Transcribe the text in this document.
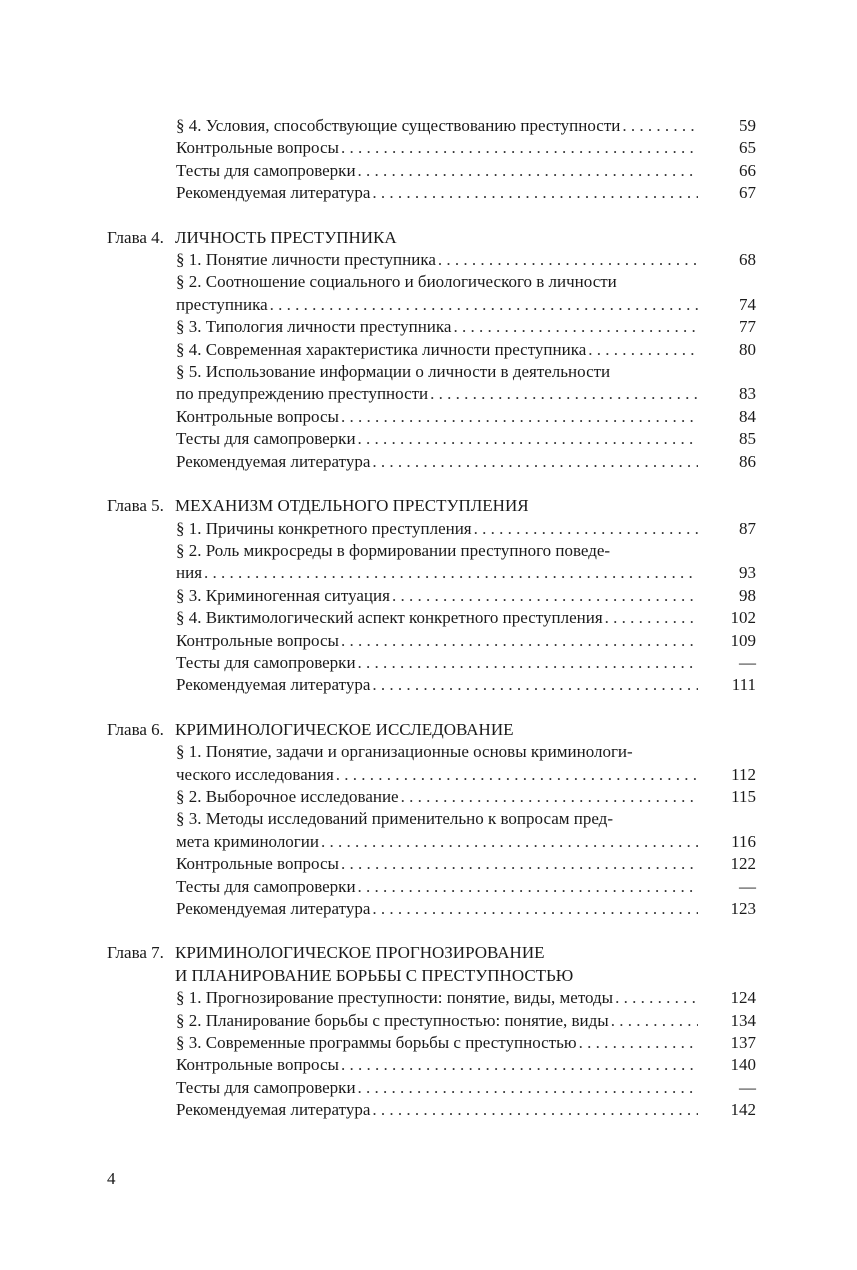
§ 4. Условия, способствующие существованию преступности . . .	59
Контрольные вопросы . . .	65
Тесты для самопроверки . . .	66
Рекомендуемая литература . . .	67
Глава 4. ЛИЧНОСТЬ ПРЕСТУПНИКА
§ 1. Понятие личности преступника . . .	68
§ 2. Соотношение социального и биологического в личности
преступника . . .	74
§ 3. Типология личности преступника . . .	77
§ 4. Современная характеристика личности преступника . . .	80
§ 5. Использование информации о личности в деятельности
по предупреждению преступности . . .	83
Контрольные вопросы . . .	84
Тесты для самопроверки . . .	85
Рекомендуемая литература . . .	86
Глава 5. МЕХАНИЗМ ОТДЕЛЬНОГО ПРЕСТУПЛЕНИЯ
§ 1. Причины конкретного преступления . . .	87
§ 2. Роль микросреды в формировании преступного поведе-
ния . . .	93
§ 3. Криминогенная ситуация . . .	98
§ 4. Виктимологический аспект конкретного преступления . . .	102
Контрольные вопросы . . .	109
Тесты для самопроверки . . .	—
Рекомендуемая литература . . .	111
Глава 6. КРИМИНОЛОГИЧЕСКОЕ ИССЛЕДОВАНИЕ
§ 1. Понятие, задачи и организационные основы криминологи-
ческого исследования . . .	112
§ 2. Выборочное исследование . . .	115
§ 3. Методы исследований применительно к вопросам пред-
мета криминологии . . .	116
Контрольные вопросы . . .	122
Тесты для самопроверки . . .	—
Рекомендуемая литература . . .	123
Глава 7. КРИМИНОЛОГИЧЕСКОЕ ПРОГНОЗИРОВАНИЕ
И ПЛАНИРОВАНИЕ БОРЬБЫ С ПРЕСТУПНОСТЬЮ
§ 1. Прогнозирование преступности: понятие, виды, методы . . .	124
§ 2. Планирование борьбы с преступностью: понятие, виды . . .	134
§ 3. Современные программы борьбы с преступностью . . .	137
Контрольные вопросы . . .	140
Тесты для самопроверки . . .	—
Рекомендуемая литература . . .	142
4
